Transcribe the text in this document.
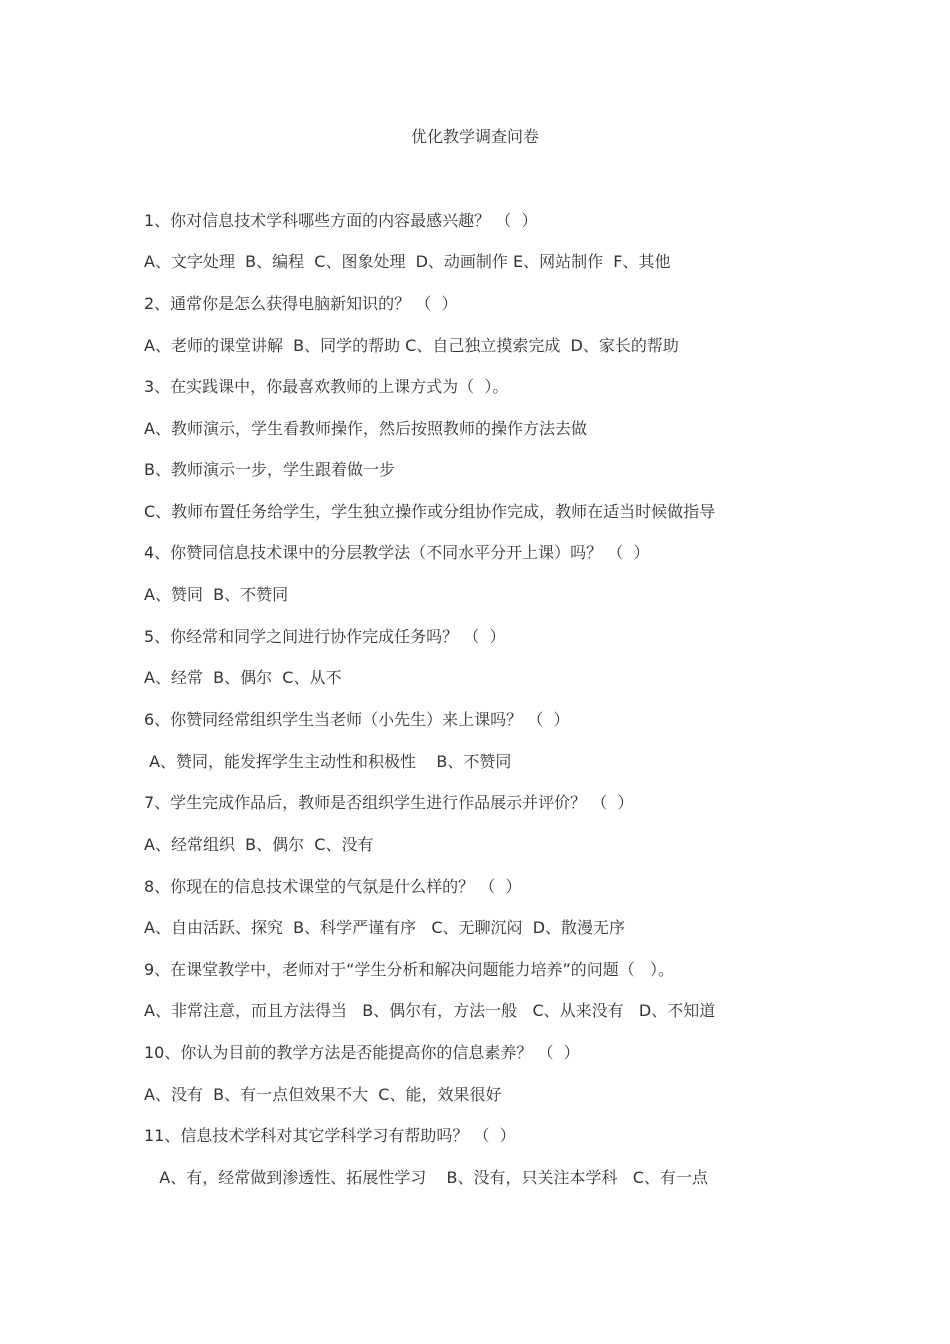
优化教学调查问卷
1、你对信息技术学科哪些方面的内容最感兴趣？ （  ）
A、文字处理  B、编程  C、图象处理  D、动画制作 E、网站制作  F、其他
2、通常你是怎么获得电脑新知识的？ （  ）
A、老师的课堂讲解  B、同学的帮助 C、自己独立摸索完成  D、家长的帮助
3、在实践课中，你最喜欢教师的上课方式为（  ）。
A、教师演示，学生看教师操作，然后按照教师的操作方法去做
B、教师演示一步，学生跟着做一步
C、教师布置任务给学生，学生独立操作或分组协作完成，教师在适当时候做指导
4、你赞同信息技术课中的分层教学法（不同水平分开上课）吗？ （  ）
A、赞同  B、不赞同
5、你经常和同学之间进行协作完成任务吗？ （  ）
A、经常  B、偶尔  C、从不
6、你赞同经常组织学生当老师（小先生）来上课吗？ （  ）
A、赞同，能发挥学生主动性和积极性    B、不赞同
7、学生完成作品后，教师是否组织学生进行作品展示并评价？ （  ）
A、经常组织  B、偶尔  C、没有
8、你现在的信息技术课堂的气氛是什么样的？ （  ）
A、自由活跃、探究  B、科学严谨有序   C、无聊沉闷  D、散漫无序
9、在课堂教学中，老师对于“学生分析和解决问题能力培养”的问题（   ）。
A、非常注意，而且方法得当   B、偶尔有，方法一般   C、从来没有   D、不知道
10、你认为目前的教学方法是否能提高你的信息素养？ （  ）
A、没有  B、有一点但效果不大  C、能，效果很好
11、信息技术学科对其它学科学习有帮助吗？ （  ）
A、有，经常做到渗透性、拓展性学习    B、没有，只关注本学科   C、有一点
